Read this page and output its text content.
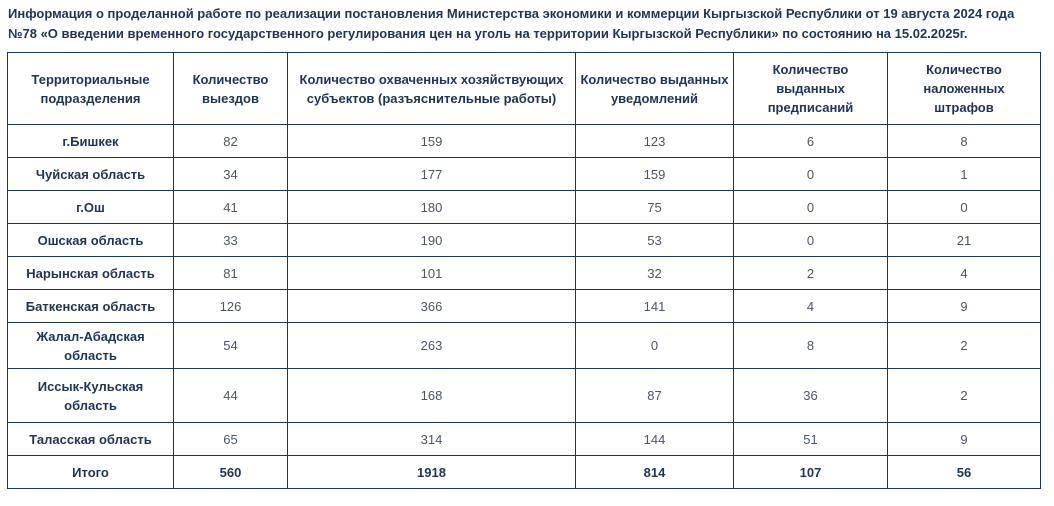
Информация о проделанной работе по реализации постановления Министерства экономики и коммерции Кыргызской Республики от 19 августа 2024 года №78 «О введении временного государственного регулирования цен на уголь на территории Кыргызской Республики» по состоянию на 15.02.2025г.

Территориальные подразделения	Количество выездов	Количество охваченных хозяйствующих субъектов (разъяснительные работы)	Количество выданных уведомлений	Количество выданных предписаний	Количество наложенных штрафов
г.Бишкек	82	159	123	6	8
Чуйская область	34	177	159	0	1
г.Ош	41	180	75	0	0
Ошская область	33	190	53	0	21
Нарынская область	81	101	32	2	4
Баткенская область	126	366	141	4	9
Жалал-Абадская область	54	263	0	8	2
Иссык-Кульская область	44	168	87	36	2
Таласская область	65	314	144	51	9
Итого	560	1918	814	107	56
